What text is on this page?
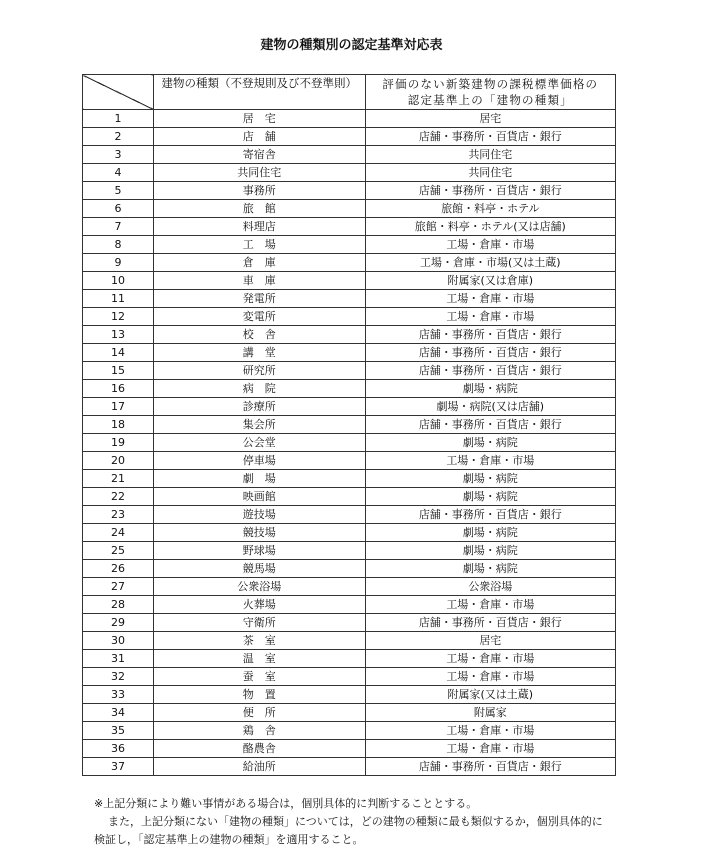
建物の種類別の認定基準対応表
	建物の種類（不登規則及び不登準則）	評価のない新築建物の課税標準価格の
認定基準上の「建物の種類」

1	居　宅	居宅
2	店　舗	店舗・事務所・百貨店・銀行
3	寄宿舎	共同住宅
4	共同住宅	共同住宅
5	事務所	店舗・事務所・百貨店・銀行
6	旅　館	旅館・料亭・ホテル
7	料理店	旅館・料亭・ホテル(又は店舗)
8	工　場	工場・倉庫・市場
9	倉　庫	工場・倉庫・市場(又は土蔵)
10	車　庫	附属家(又は倉庫)
11	発電所	工場・倉庫・市場
12	変電所	工場・倉庫・市場
13	校　舎	店舗・事務所・百貨店・銀行
14	講　堂	店舗・事務所・百貨店・銀行
15	研究所	店舗・事務所・百貨店・銀行
16	病　院	劇場・病院
17	診療所	劇場・病院(又は店舗)
18	集会所	店舗・事務所・百貨店・銀行
19	公会堂	劇場・病院
20	停車場	工場・倉庫・市場
21	劇　場	劇場・病院
22	映画館	劇場・病院
23	遊技場	店舗・事務所・百貨店・銀行
24	競技場	劇場・病院
25	野球場	劇場・病院
26	競馬場	劇場・病院
27	公衆浴場	公衆浴場
28	火葬場	工場・倉庫・市場
29	守衛所	店舗・事務所・百貨店・銀行
30	茶　室	居宅
31	温　室	工場・倉庫・市場
32	蚕　室	工場・倉庫・市場
33	物　置	附属家(又は土蔵)
34	便　所	附属家
35	鶏　舎	工場・倉庫・市場
36	酪農舎	工場・倉庫・市場
37	給油所	店舗・事務所・百貨店・銀行

※上記分類により難い事情がある場合は，個別具体的に判断することとする。

また，上記分類にない「建物の種類」については，どの建物の種類に最も類似するか，個別具体的に

検証し，「認定基準上の建物の種類」を適用すること。
